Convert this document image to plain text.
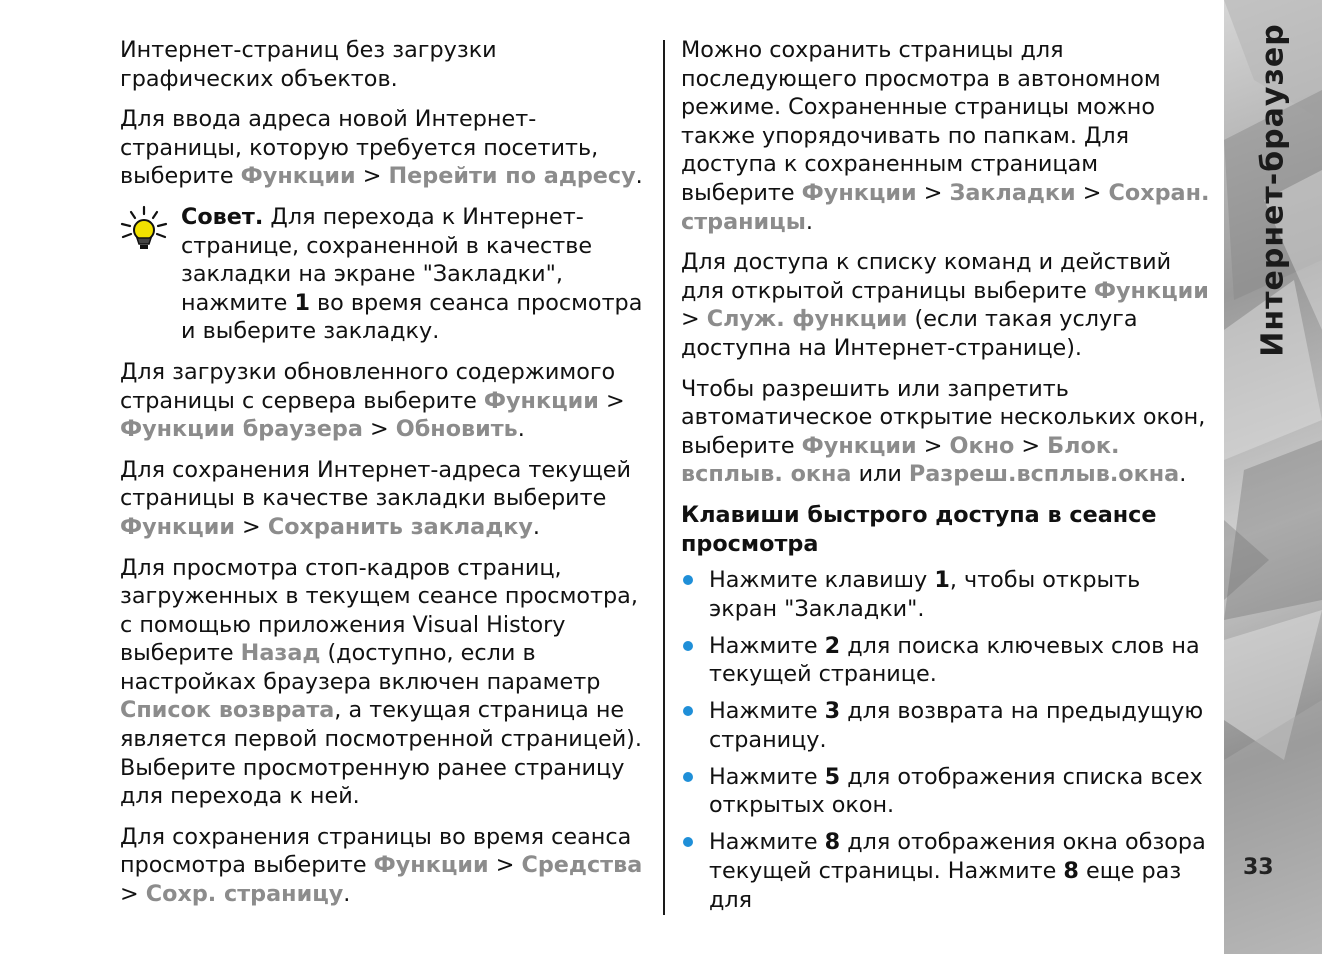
Интернет-страниц без загрузки графических объектов.

Для ввода адреса новой Интернет-страницы, которую требуется посетить, выберите Функции > Перейти по адресу.

Совет. Для перехода к Интернет-странице, сохраненной в качестве закладки на экране "Закладки", нажмите 1 во время сеанса просмотра и выберите закладку.

Для загрузки обновленного содержимого страницы с сервера выберите Функции > Функции браузера > Обновить.

Для сохранения Интернет-адреса текущей страницы в качестве закладки выберите Функции > Сохранить закладку.

Для просмотра стоп-кадров страниц, загруженных в текущем сеансе просмотра, с помощью приложения Visual History выберите Назад (доступно, если в настройках браузера включен параметр Список возврата, а текущая страница не является первой посмотренной страницей). Выберите просмотренную ранее страницу для перехода к ней.

Для сохранения страницы во время сеанса просмотра выберите Функции > Средства > Сохр. страницу.

Можно сохранить страницы для последующего просмотра в автономном режиме. Сохраненные страницы можно также упорядочивать по папкам. Для доступа к сохраненным страницам выберите Функции > Закладки > Сохран. страницы.

Для доступа к списку команд и действий для открытой страницы выберите Функции > Служ. функции (если такая услуга доступна на Интернет-странице).

Чтобы разрешить или запретить автоматическое открытие нескольких окон, выберите Функции > Окно > Блок. всплыв. окна или Разреш.всплыв.окна.

Клавиши быстрого доступа в сеансе просмотра
Нажмите клавишу 1, чтобы открыть экран "Закладки".
Нажмите 2 для поиска ключевых слов на текущей странице.
Нажмите 3 для возврата на предыдущую страницу.
Нажмите 5 для отображения списка всех открытых окон.
Нажмите 8 для отображения окна обзора текущей страницы. Нажмите 8 еще раз для
Интернет-браузер
33
